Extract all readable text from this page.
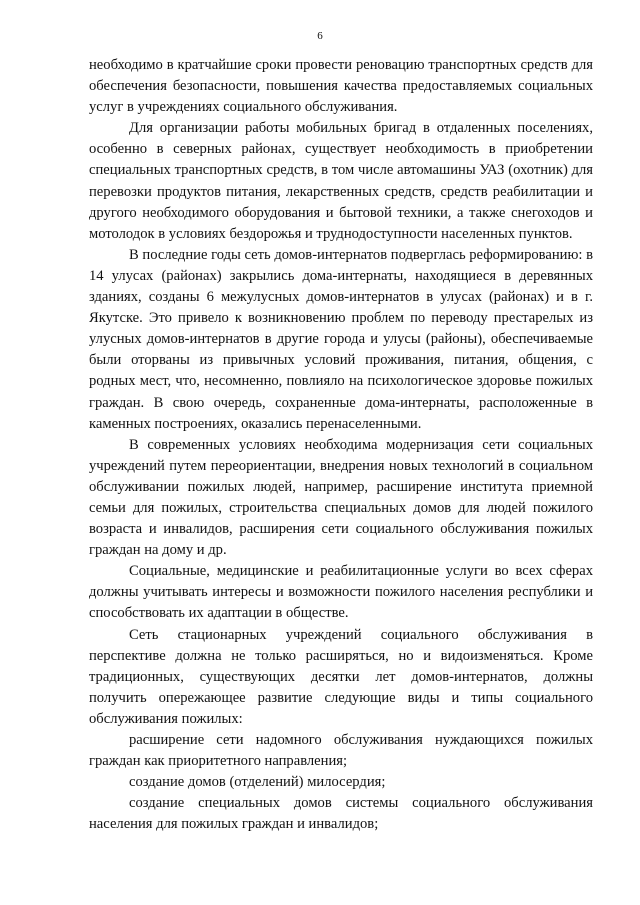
6

необходимо в кратчайшие сроки провести реновацию транспортных средств для обеспечения безопасности, повышения качества предоставляемых социальных услуг в учреждениях социального обслуживания.

Для организации работы мобильных бригад в отдаленных поселениях, особенно в северных районах, существует необходимость в приобретении специальных транспортных средств, в том числе автомашины УАЗ (охотник) для перевозки продуктов питания, лекарственных средств, средств реабилитации и другого необходимого оборудования и бытовой техники, а также снегоходов и мотолодок в условиях бездорожья и труднодоступности населенных пунктов.

В последние годы сеть домов-интернатов подверглась реформированию: в 14 улусах (районах) закрылись дома-интернаты, находящиеся в деревянных зданиях, созданы 6 межулусных домов-интернатов в улусах (районах) и в г. Якутске. Это привело к возникновению проблем по переводу престарелых из улусных домов-интернатов в другие города и улусы (районы), обеспечиваемые были оторваны из привычных условий проживания, питания, общения, с родных мест, что, несомненно, повлияло на психологическое здоровье пожилых граждан. В свою очередь, сохраненные дома-интернаты, расположенные в каменных построениях, оказались перенаселенными.

В современных условиях необходима модернизация сети социальных учреждений путем переориентации, внедрения новых технологий в социальном обслуживании пожилых людей, например, расширение института приемной семьи для пожилых, строительства специальных домов для людей пожилого возраста и инвалидов, расширения сети социального обслуживания пожилых граждан на дому и др.

Социальные, медицинские и реабилитационные услуги во всех сферах должны учитывать интересы и возможности пожилого населения республики и способствовать их адаптации в обществе.

Сеть стационарных учреждений социального обслуживания в перспективе должна не только расширяться, но и видоизменяться. Кроме традиционных, существующих десятки лет домов-интернатов, должны получить опережающее развитие следующие виды и типы социального обслуживания пожилых:

расширение сети надомного обслуживания нуждающихся пожилых граждан как приоритетного направления;

создание домов (отделений) милосердия;

создание специальных домов системы социального обслуживания населения для пожилых граждан и инвалидов;
